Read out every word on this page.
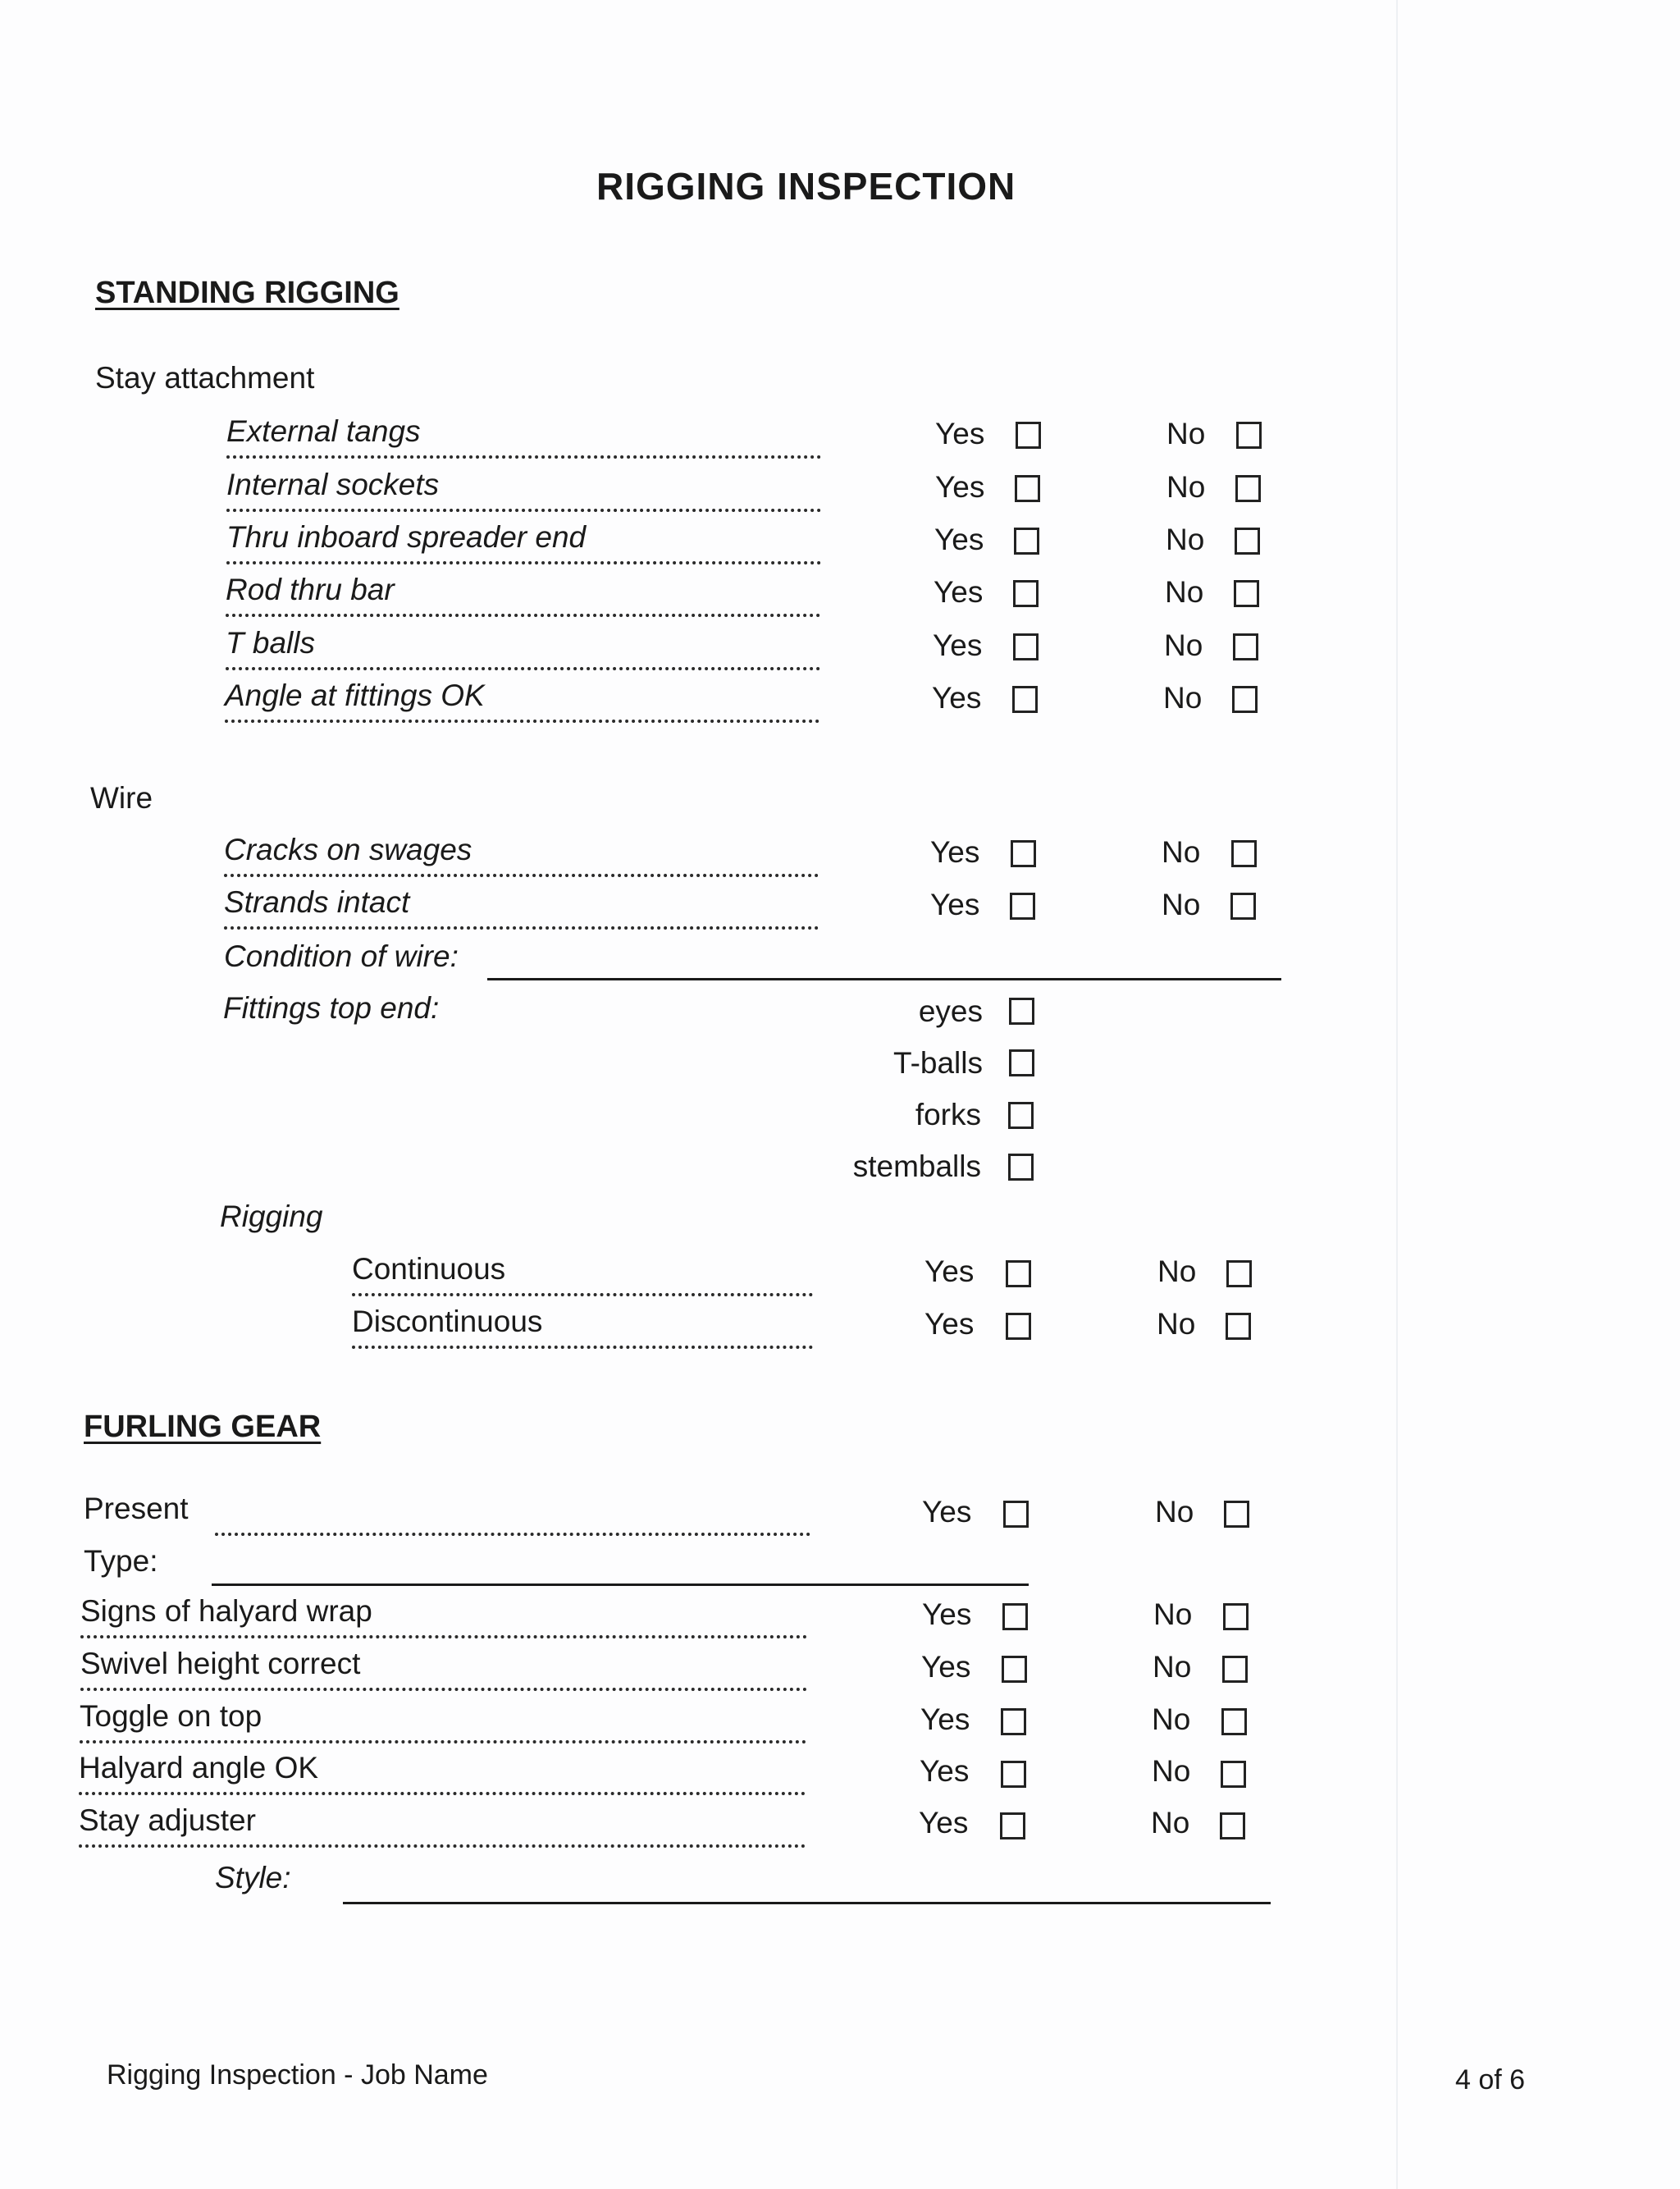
RIGGING INSPECTION
STANDING RIGGING
Stay attachment
External tangs	Yes	No
Internal sockets	Yes	No
Thru inboard spreader end	Yes	No
Rod thru bar	Yes	No
T balls	Yes	No
Angle at fittings OK	Yes	No
Wire
Cracks on swages	Yes	No
Strands intact	Yes	No
Condition of wire:
Fittings top end:	eyes
T-balls
forks
stemballs
Rigging
Continuous	Yes	No
Discontinuous	Yes	No
FURLING GEAR
Present	Yes	No
Type:
Signs of halyard wrap	Yes	No
Swivel height correct	Yes	No
Toggle on top	Yes	No
Halyard angle OK	Yes	No
Stay adjuster	Yes	No
Style:
Rigging Inspection - Job Name	4 of 6
